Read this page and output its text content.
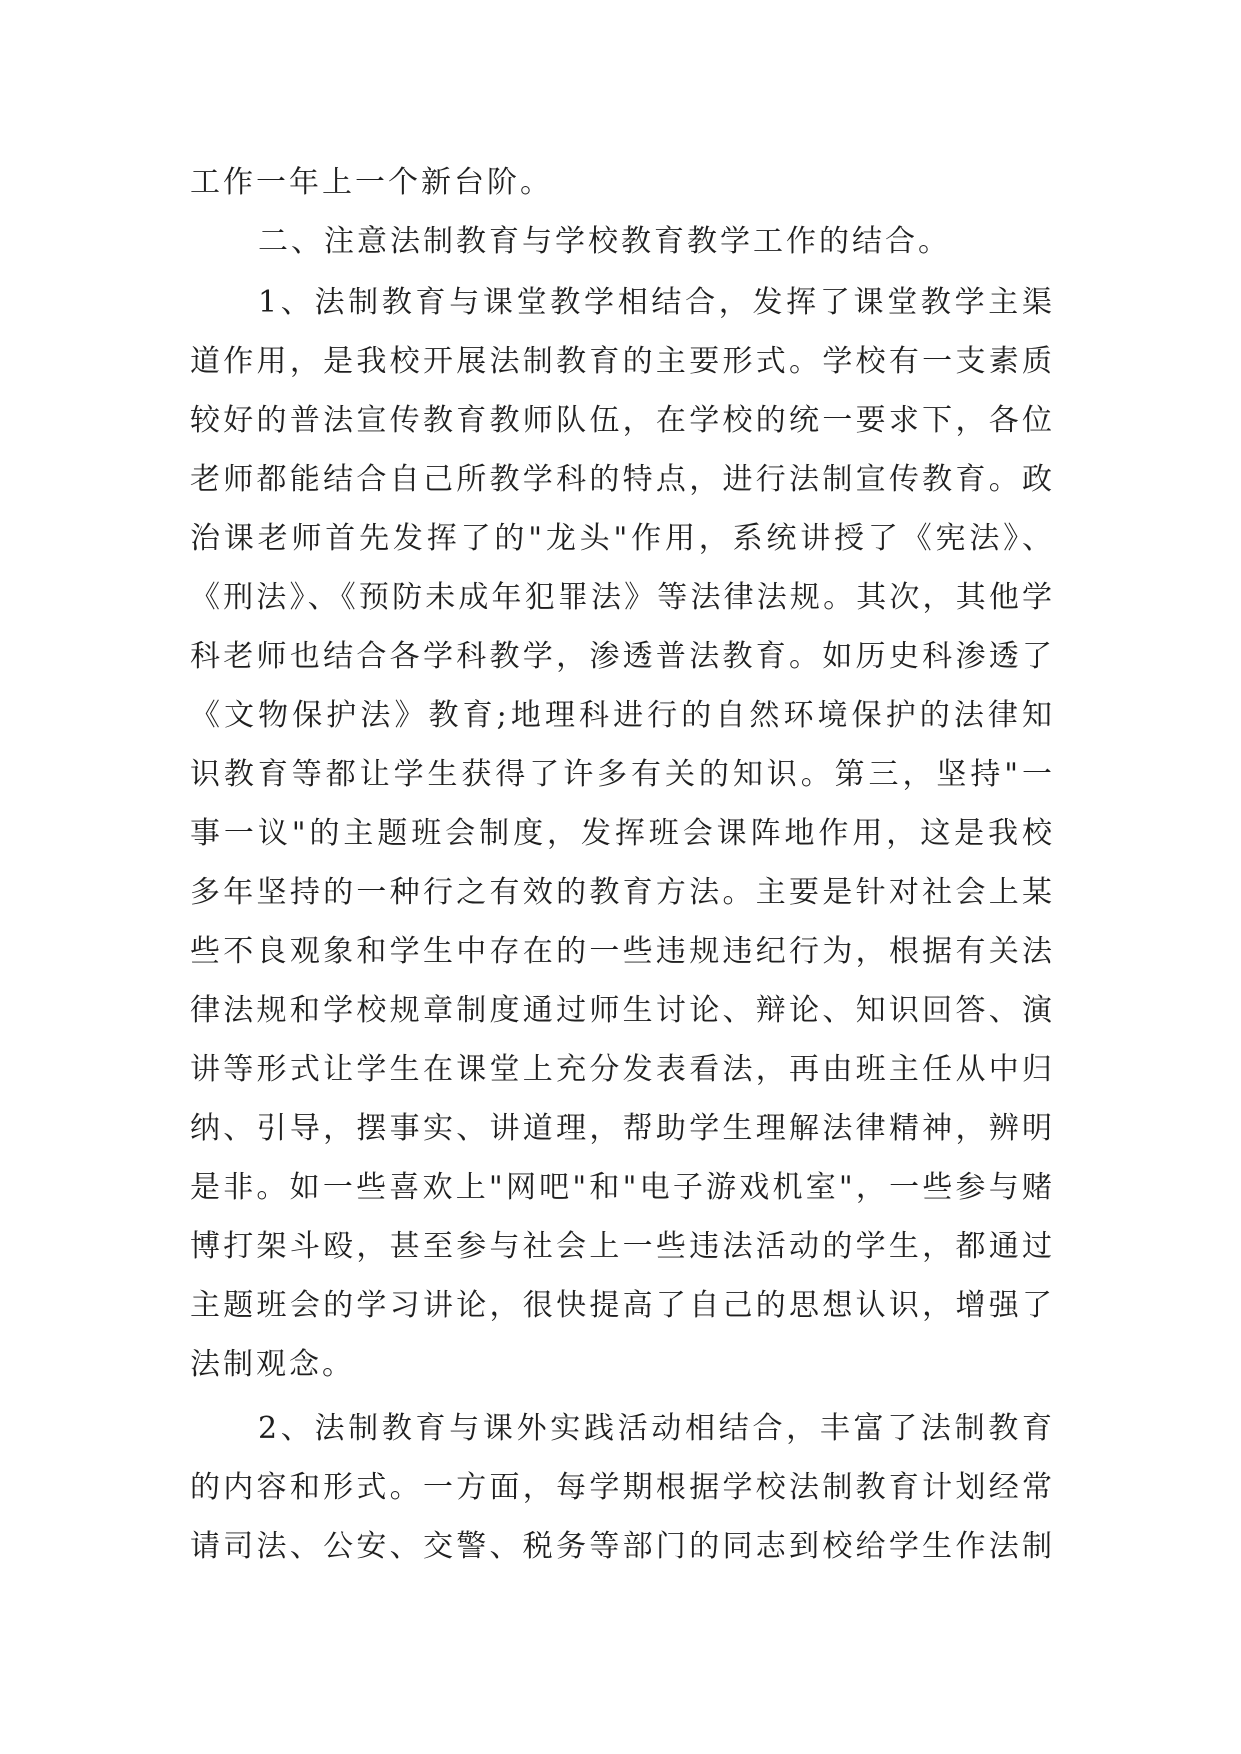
工作一年上一个新台阶。

二、注意法制教育与学校教育教学工作的结合。

1、法制教育与课堂教学相结合，发挥了课堂教学主渠
道作用，是我校开展法制教育的主要形式。学校有一支素质
较好的普法宣传教育教师队伍，在学校的统一要求下，各位
老师都能结合自己所教学科的特点，进行法制宣传教育。政
治课老师首先发挥了的"龙头"作用，系统讲授了《宪法》、
《刑法》、《预防未成年犯罪法》等法律法规。其次，其他学
科老师也结合各学科教学，渗透普法教育。如历史科渗透了
《文物保护法》教育;地理科进行的自然环境保护的法律知
识教育等都让学生获得了许多有关的知识。第三，坚持"一
事一议"的主题班会制度，发挥班会课阵地作用，这是我校
多年坚持的一种行之有效的教育方法。主要是针对社会上某
些不良观象和学生中存在的一些违规违纪行为，根据有关法
律法规和学校规章制度通过师生讨论、辩论、知识回答、演
讲等形式让学生在课堂上充分发表看法，再由班主任从中归
纳、引导，摆事实、讲道理，帮助学生理解法律精神，辨明
是非。如一些喜欢上"网吧"和"电子游戏机室"，一些参与赌
博打架斗殴，甚至参与社会上一些违法活动的学生，都通过
主题班会的学习讲论，很快提高了自己的思想认识，增强了
法制观念。

2、法制教育与课外实践活动相结合，丰富了法制教育
的内容和形式。一方面，每学期根据学校法制教育计划经常
请司法、公安、交警、税务等部门的同志到校给学生作法制
